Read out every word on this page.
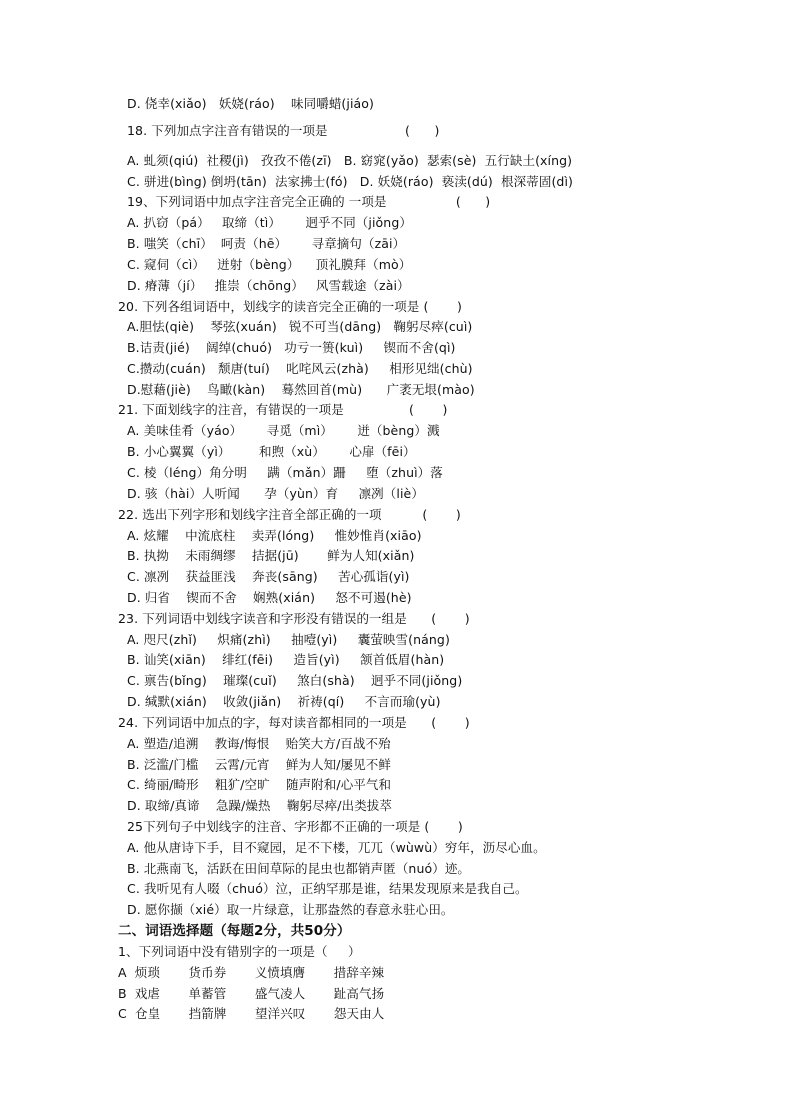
D. 侥幸(xiǎo)   妖娆(ráo)    味同嚼蜡(jiáo)
18. 下列加点字注音有错误的一项是                   (      )
A. 虬须(qiú)  社稷(jì)   孜孜不倦(zī)   B. 窈窕(yǎo)  瑟索(sè)  五行缺土(xíng)
C. 骈进(bìng) 倒坍(tān)  法家拂士(fó)   D. 妖娆(ráo)  亵渎(dú)  根深蒂固(dì)
19、下列词语中加点字注音完全正确的 一项是                 (      )
A. 扒窃（pá）   取缔（tì）      迥乎不同（jiǒng）
B. 嗤笑（chī）  呵责（hē）      寻章摘句（zāi）
C. 窥伺（cì）   迸射（bèng）    顶礼膜拜（mò）
D. 瘠薄（jí）   推崇（chōng）   风雪载途（zài）
20. 下列各组词语中，划线字的读音完全正确的一项是 (       )
A.胆怯(qiè)    琴弦(xuán)   锐不可当(dāng)   鞠躬尽瘁(cuì)
B.诘责(jié)    阔绰(chuó)   功亏一篑(kuì)     锲而不舍(qì)
C.攒动(cuán)   颓唐(tuí)    叱咤风云(zhà)     相形见绌(chù)
D.慰藉(jiè)    鸟瞰(kàn)    蓦然回首(mù)      广袤无垠(mào)
21. 下面划线字的注音，有错误的一项是                (       )
A. 美味佳肴（yáo）      寻觅（mì）      迸（bèng）溅
B. 小心翼翼（yì）       和煦（xù）      心扉（fēi）
C. 棱（léng）角分明     蹒（mǎn）跚     堕（zhuì）落
D. 骇（hài）人听闻      孕（yùn）育     凛冽（liè）
22. 选出下列字形和划线字注音全部正确的一项          (       )
A. 炫耀    中流底柱    卖弄(lóng)     惟妙惟肖(xiāo)
B. 执拗    未雨绸缪    拮据(jū)       鲜为人知(xiǎn)
C. 凛冽    获益匪浅    奔丧(sāng)     苦心孤诣(yì)
D. 归省    锲而不舍    娴熟(xián)     怒不可遏(hè)
23. 下列词语中划线字读音和字形没有错误的一组是      (       )
A. 咫尺(zhǐ)     炽痛(zhì)     抽噎(yì)     囊萤映雪(náng)
B. 讪笑(xiān)    绯红(fēi)     造旨(yì)     颔首低眉(hàn)
C. 禀告(bǐng)    璀璨(cuǐ)     煞白(shà)    迥乎不同(jiǒng)
D. 缄默(xián)    收敛(jiǎn)    祈祷(qí)     不言而瑜(yù)
24. 下列词语中加点的字，每对读音都相同的一项是      (       )
A. 塑造/追溯    教诲/悔恨    贻笑大方/百战不殆
B. 泛滥/门槛    云霄/元宵    鲜为人知/屡见不鲜
C. 绮丽/畸形    粗犷/空旷    随声附和/心平气和
D. 取缔/真谛    急躁/燥热    鞠躬尽瘁/出类拔萃
25下列句子中划线字的注音、字形都不正确的一项是 (       )
A. 他从唐诗下手，目不窥园，足不下楼，兀兀（wùwù）穷年，沥尽心血。
B. 北燕南飞，活跃在田间草际的昆虫也都销声匿（nuó）迹。
C. 我听见有人啜（chuó）泣，正纳罕那是谁，结果发现原来是我自己。
D. 愿你撷（xié）取一片绿意，让那盎然的春意永驻心田。
二、词语选择题（每题2分，共50分）
1、下列词语中没有错别字的一项是（     ）
A  烦琐       货币券       义愤填膺       措辞辛辣
B  戏虐       单蓄管       盛气凌人       趾高气扬
C  仓皇       挡箭牌       望洋兴叹       怨天由人
